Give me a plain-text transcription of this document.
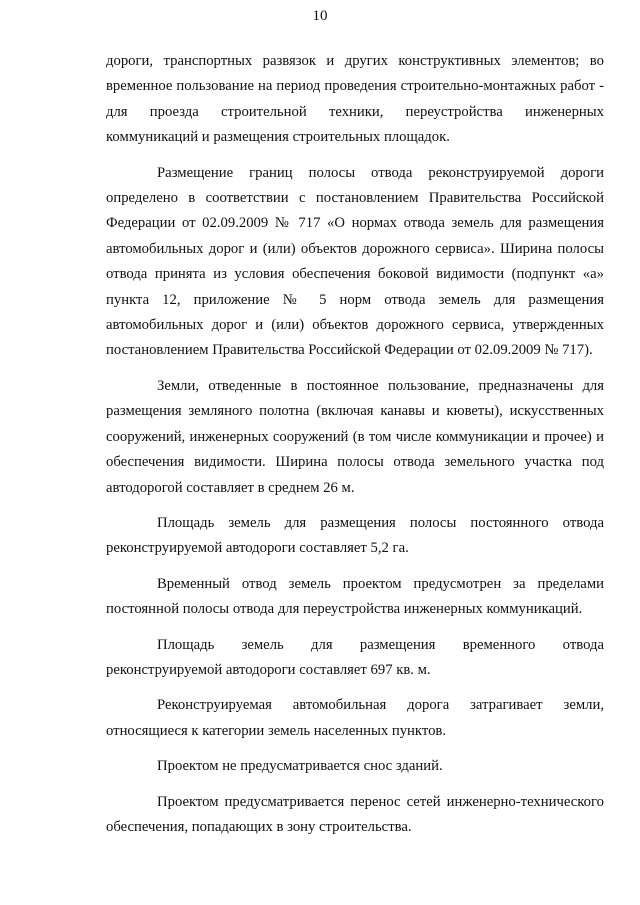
10

дороги, транспортных развязок и других конструктивных элементов; во временное пользование на период проведения строительно-монтажных работ - для проезда строительной техники, переустройства инженерных коммуникаций и размещения строительных площадок.

Размещение границ полосы отвода реконструируемой дороги определено в соответствии с постановлением Правительства Российской Федерации от 02.09.2009 № 717 «О нормах отвода земель для размещения автомобильных дорог и (или) объектов дорожного сервиса». Ширина полосы отвода принята из условия обеспечения боковой видимости (подпункт «а» пункта 12, приложение № 5 норм отвода земель для размещения автомобильных дорог и (или) объектов дорожного сервиса, утвержденных постановлением Правительства Российской Федерации от 02.09.2009 № 717).

Земли, отведенные в постоянное пользование, предназначены для размещения земляного полотна (включая канавы и кюветы), искусственных сооружений, инженерных сооружений (в том числе коммуникации и прочее) и обеспечения видимости. Ширина полосы отвода земельного участка под автодорогой составляет в среднем 26 м.

Площадь земель для размещения полосы постоянного отвода реконструируемой автодороги составляет 5,2 га.

Временный отвод земель проектом предусмотрен за пределами постоянной полосы отвода для переустройства инженерных коммуникаций.

Площадь земель для размещения временного отвода реконструируемой автодороги составляет 697 кв. м.

Реконструируемая автомобильная дорога затрагивает земли, относящиеся к категории земель населенных пунктов.

Проектом не предусматривается снос зданий.

Проектом предусматривается перенос сетей инженерно-технического обеспечения, попадающих в зону строительства.
